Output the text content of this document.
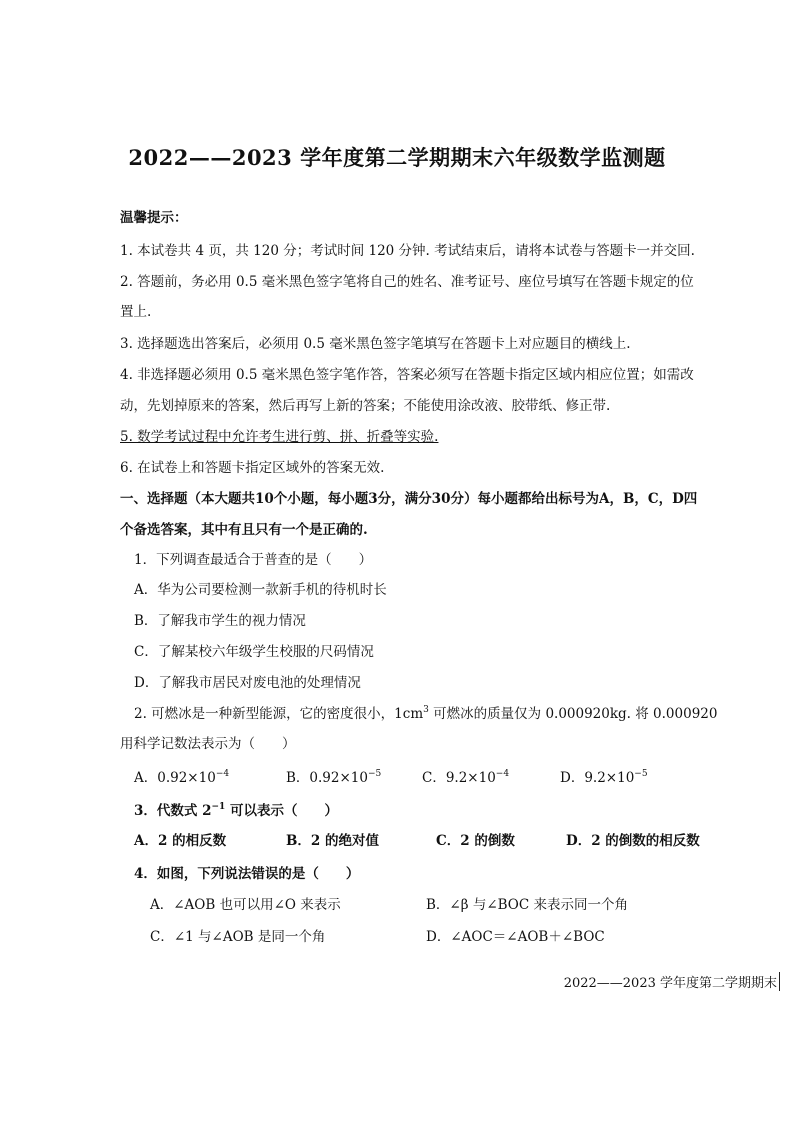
2022——2023 学年度第二学期期末六年级数学监测题
温馨提示：
1. 本试卷共 4 页，共 120 分；考试时间 120 分钟. 考试结束后，请将本试卷与答题卡一并交回.
2. 答题前，务必用 0.5 毫米黑色签字笔将自己的姓名、准考证号、座位号填写在答题卡规定的位
置上.
3. 选择题选出答案后，必须用 0.5 毫米黑色签字笔填写在答题卡上对应题目的横线上.
4. 非选择题必须用 0.5 毫米黑色签字笔作答，答案必须写在答题卡指定区域内相应位置；如需改
动，先划掉原来的答案，然后再写上新的答案；不能使用涂改液、胶带纸、修正带.
5. 数学考试过程中允许考生进行剪、拼、折叠等实验.
6. 在试卷上和答题卡指定区域外的答案无效.
一、选择题（本大题共10个小题，每小题3分，满分30分）每小题都给出标号为A，B，C，D四
个备选答案，其中有且只有一个是正确的.
1．下列调查最适合于普查的是（　　）
A．华为公司要检测一款新手机的待机时长
B．了解我市学生的视力情况
C．了解某校六年级学生校服的尺码情况
D．了解我市居民对废电池的处理情况
2. 可燃冰是一种新型能源，它的密度很小，$1cm^3$ 可燃冰的质量仅为 0.000920kg. 将 0.000920
用科学记数法表示为（　　）
A．$0.92\times 10^{-4}$	B．$0.92\times 10^{-5}$	C．$9.2\times 10^{-4}$	D．$9.2\times 10^{-5}$
3．代数式 $2^{-1}$ 可以表示（　　）
A．2 的相反数	B．2 的绝对值	C．2 的倒数	D．2 的倒数的相反数
4．如图，下列说法错误的是（　　）
A．∠AOB 也可以用∠O 来表示	B．∠β 与∠BOC 来表示同一个角
C．∠1 与∠AOB 是同一个角	D．∠AOC＝∠AOB＋∠BOC
2022——2023 学年度第二学期期末
